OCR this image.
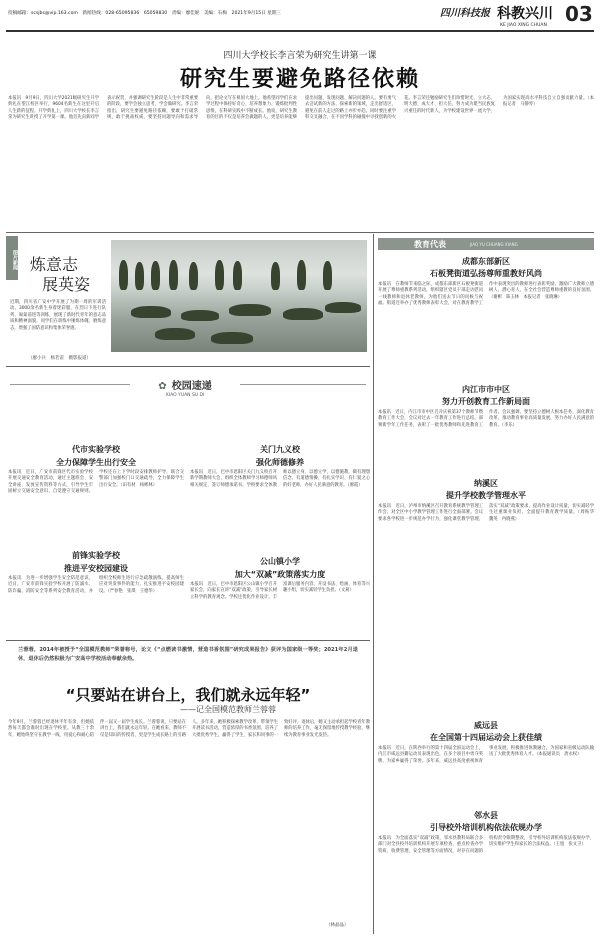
投稿邮箱：scsjbs@vip.163.com　新闻热线：028-65095836　65059830　责编：廖佳妮　美编：石梅　2021年9月15日 星期三	四川科技报 科教兴川
KE JIAO XING CHUAN 03
四川大学校长李言荣为研究生讲第一课
研究生要避免路径依赖
本报讯　9月9日，四川大学2021级研究生开学典礼在望江校区举行，9604名新生在这里开启人生新的征程。开学典礼上，四川大学校长李言荣为研究生讲授了开学第一课。他首先向新同学表示祝贺，并强调研究生阶段是人生中非常重要的阶段，要学会独立思考、学会做研究。李言荣指出，研究生要避免路径依赖，要敢于打破常规、敢于挑战权威，要坚持问题导向和需求导向，把论文写在祖国大地上。他希望同学们在求学过程中保持好奇心、培养想象力、锻炼批判性思维，在科研实践中不断成长。他说，研究生教育的目的不仅是培养会做题的人，更是培养能够提出问题、发现问题、解决问题的人。要有勇气去尝试新的方法、探索新的领域，走出舒适区，避免在前人走过的路上亦步亦趋。同时要注重学科交叉融合，在不同学科的碰撞中寻找创新的火花。李言荣还勉励研究生们珍惜时光，立大志、明大德、成大才、担大任，努力成为堪当民族复兴重任的时代新人，为学校建设世界一流大学、为国家实现高水平科技自立自强贡献力量。（本报记者　马静琴）
图片新闻 炼意志
展英姿
近期，四川省广安中学开展了为期一周的军训活动。3000余名新生身着迷彩服，在烈日下进行队列、匍匐前进等训练，展现了新时代青年的意志品质和精神面貌。同学们在训练中锤炼体魄、磨炼意志，增强了国防意识和集体荣誉感。
（廖小兵　杨若雷　摄影报道）
教育代表	JIAO YU CHUANG XIANG
成都东部新区
石板凳街道弘扬尊师重教好风尚
本报讯　在教师节来临之际，成都东部新区石板凳街道开展了尊师重教系列活动，组织辖区党员干部走访慰问一线教师和退休老教师，为他们送去节日的问候与祝福。街道还举办了优秀教师表彰大会，对在教育教学工作中表现突出的教师进行表彰奖励，激励广大教师立德树人、潜心育人，在全社会营造尊师重教的良好氛围。（谢彬　陈玉林　本报记者　张晓琳）
内江市市中区
努力开创教育工作新局面
本报讯　近日，内江市市中区召开庆祝第37个教师节暨教育工作大会，会议对过去一年教育工作进行总结，部署新学年工作任务，表彰了一批优秀教师和先进教育工作者。会议强调，要坚持立德树人根本任务，深化教育改革，推动教育事业高质量发展，努力办好人民满意的教育。（李乐）
纳溪区
提升学校教学管理水平
本报讯　近日，泸州市纳溪区召开教育系统教学管理工作会，对全区中小学教学管理工作进行全面部署。会议要求各学校进一步规范办学行为，强化课堂教学管理，落实“双减”政策要求，提高作业设计质量，切实减轻学生过重课业负担，全面提升教育教学质量。（周贴华　魏英　冉晓燕）
威远县
在全国第十四届运动会上获佳绩
本报讯　近日，在陕西举行的第十四届全国运动会上，内江市威远县籍运动员表现出色，在多个项目中勇夺奖牌，为家乡赢得了荣誉。多年来，威远县高度重视体育事业发展，积极推进体教融合，为国家和省级运动队输送了大批优秀体育人才。（本报通讯员　唐永权）
邻水县
引导校外培训机构依法依规办学
本报讯　为全面落实“双减”政策，邻水县教科局联合多部门对全县校外培训机构开展专项检查，重点检查办学资质、收费管理、安全管理等方面情况，对存在问题的机构责令限期整改，引导校外培训机构依法依规办学，切实维护学生和家长的合法权益。（王旭　张文卫）
✿ 校园速递
XIAO YUAN SU DI
代市实验学校
全力保障学生出行安全
本报讯　近日，广安市前锋区代市实验学校开展交通安全教育活动，通过主题班会、安全讲座、发放宣传资料等方式，引导学生牢固树立交通安全意识，自觉遵守交通规则。学校还在上下学时段安排教师护导，联合交警部门加强校门口交通疏导，全力保障学生出行安全。（田有材　杨彬林）
关门九义校
强化师德修养
本报讯　近日，巴中市恩阳区关门九义校召开新学期教师大会，组织全体教师学习师德师风相关规定，签订师德承诺书。学校要求全体教师以德立身、以德立学、以德施教，做有理想信念、有道德情操、有扎实学识、有仁爱之心的好老师，办好人民满意的教育。（廖霞）
前锋实验学校
推进平安校园建设
本报讯　为进一步增强学生安全防范意识，近日，广安市前锋实验学校开展了防溺水、防诈骗、消防安全等系列安全教育活动，并组织全校师生进行应急疏散演练，提高师生应对突发事件的能力，扎实推进平安校园建设。（严春艳　张琪　王德华）
公山镇小学
加大“双减”政策落实力度
本报讯　近日，巴中市恩阳区公山镇小学召开家长会，向家长宣讲“双减”政策，引导家长树立科学的教育观念。学校还优化作业设计，丰富课后服务内容，开设书法、绘画、体育等兴趣小组，切实减轻学生负担。（文莉）
兰蓉蓉，2014年被授予“全国模范教师”荣誉称号，论文《“点燃读书激情，营造书香氛围”研究成果报告》获评为国家级一等奖；2021年2月退休，退休后仍然积极为广安高中学校活动奉献余热。
“只要站在讲台上，我们就永远年轻”
——记全国模范教师兰蓉蓉
今年9月，兰蓉蓉已经退休半年有余，但她依然每天都会准时出现在学校里。从教三十余年，她始终坚守在教学一线，用爱心和耐心陪伴一届又一届学生成长。兰蓉蓉说，只要站在讲台上，我们就永远年轻。在她看来，教师不仅是知识的传授者，更是学生成长路上的引路人。多年来，她积极探索教学改革，带领学生开展读书活动，营造浓厚的书香氛围，培养了大批优秀学生，赢得了学生、家长和同事的一致好评。退休后，她又主动承担起学校青年教师的培养工作，毫无保留地传授教学经验，继续为教育事业发光发热。
（林晶晶）
